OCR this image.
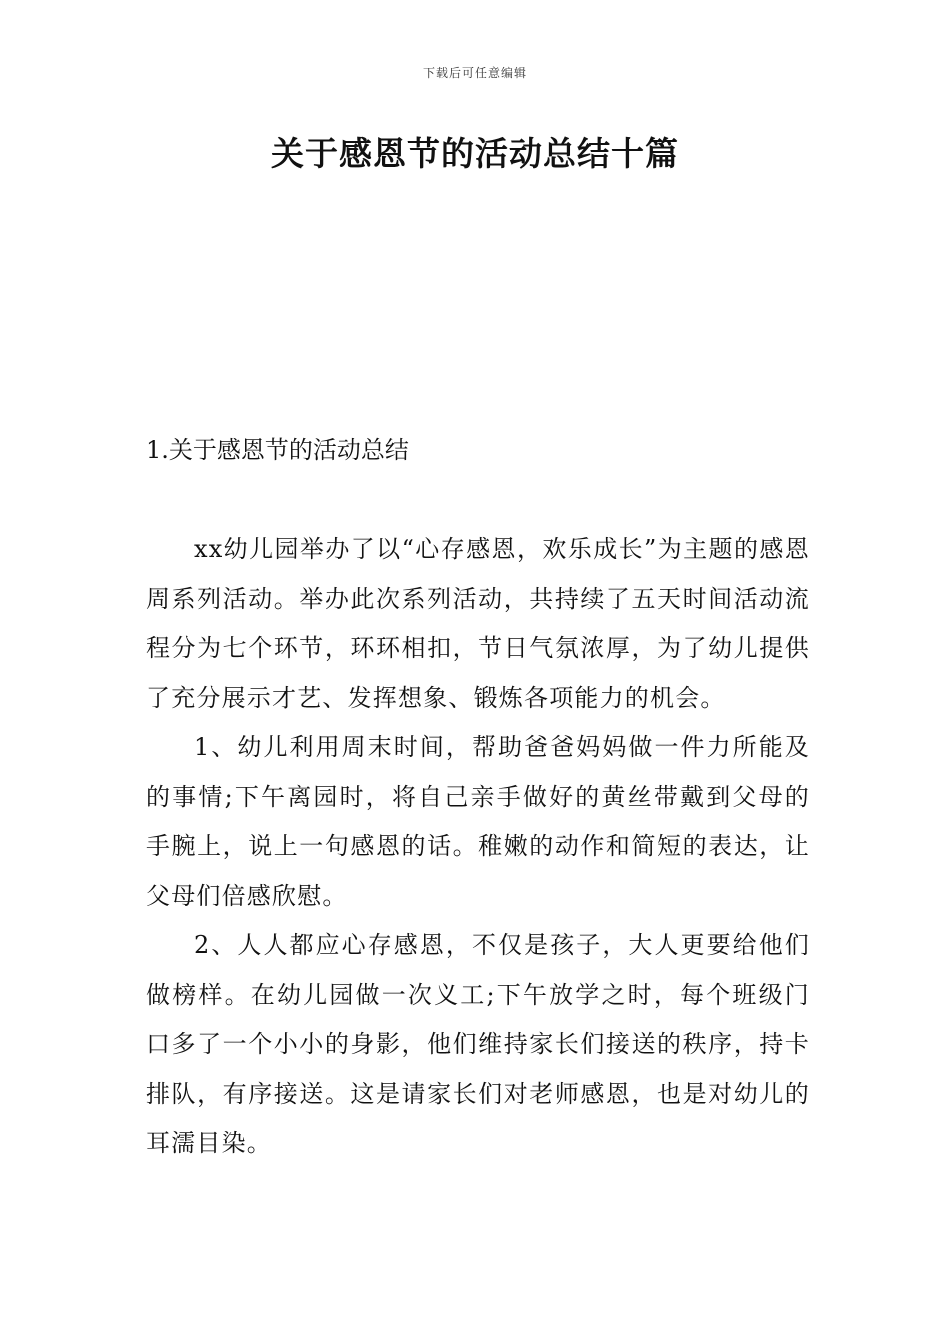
下载后可任意编辑
关于感恩节的活动总结十篇
1.关于感恩节的活动总结

xx幼儿园举办了以“心存感恩，欢乐成长”为主题的感恩周系列活动。举办此次系列活动，共持续了五天时间活动流程分为七个环节，环环相扣，节日气氛浓厚，为了幼儿提供了充分展示才艺、发挥想象、锻炼各项能力的机会。

1、幼儿利用周末时间，帮助爸爸妈妈做一件力所能及的事情;下午离园时，将自己亲手做好的黄丝带戴到父母的手腕上，说上一句感恩的话。稚嫩的动作和简短的表达，让父母们倍感欣慰。

2、人人都应心存感恩，不仅是孩子，大人更要给他们做榜样。在幼儿园做一次义工;下午放学之时，每个班级门口多了一个小小的身影，他们维持家长们接送的秩序，持卡排队，有序接送。这是请家长们对老师感恩，也是对幼儿的耳濡目染。
